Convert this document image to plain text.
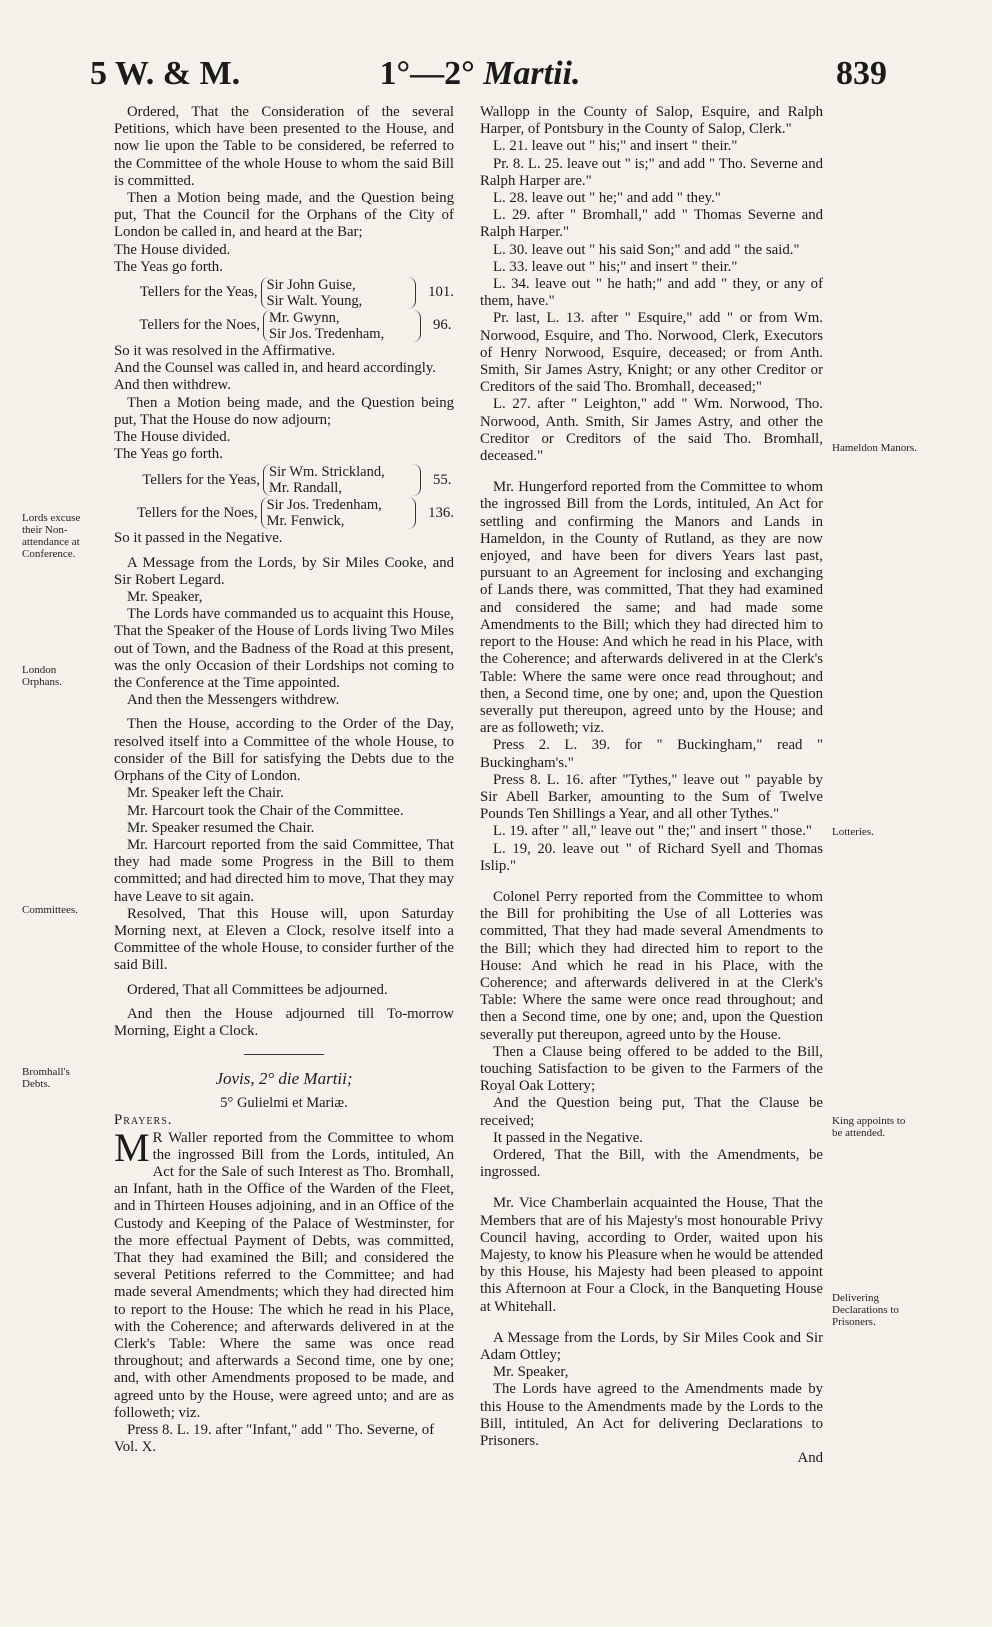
5 W. & M.	1°—2° Martii.	839
Lords excuse their Non-attendance at Conference.
London Orphans.
Committees.
Bromhall's Debts.
Hameldon Manors.
Lotteries.
King appoints to be attended.
Delivering Declarations to Prisoners.

Ordered, That the Consideration of the several Petitions, which have been presented to the House, and now lie upon the Table to be considered, be referred to the Committee of the whole House to whom the said Bill is committed.

Then a Motion being made, and the Question being put, That the Council for the Orphans of the City of London be called in, and heard at the Bar;

The House divided.

The Yeas go forth.

Tellers for the Yeas, Sir John Guise,
Sir Walt. Young,
101.
Tellers for the Noes, Mr. Gwynn,
Sir Jos. Tredenham,
96.

So it was resolved in the Affirmative.

And the Counsel was called in, and heard accordingly.

And then withdrew.

Then a Motion being made, and the Question being put, That the House do now adjourn;

The House divided.

The Yeas go forth.

Tellers for the Yeas, Sir Wm. Strickland,
Mr. Randall,
55.
Tellers for the Noes, Sir Jos. Tredenham,
Mr. Fenwick,
136.

So it passed in the Negative.

A Message from the Lords, by Sir Miles Cooke, and Sir Robert Legard.

Mr. Speaker,

The Lords have commanded us to acquaint this House, That the Speaker of the House of Lords living Two Miles out of Town, and the Badness of the Road at this present, was the only Occasion of their Lordships not coming to the Conference at the Time appointed.

And then the Messengers withdrew.

Then the House, according to the Order of the Day, resolved itself into a Committee of the whole House, to consider of the Bill for satisfying the Debts due to the Orphans of the City of London.

Mr. Speaker left the Chair.

Mr. Harcourt took the Chair of the Committee.

Mr. Speaker resumed the Chair.

Mr. Harcourt reported from the said Committee, That they had made some Progress in the Bill to them committed; and had directed him to move, That they may have Leave to sit again.

Resolved, That this House will, upon Saturday Morning next, at Eleven a Clock, resolve itself into a Committee of the whole House, to consider further of the said Bill.

Ordered, That all Committees be adjourned.

And then the House adjourned till To-morrow Morning, Eight a Clock.

Jovis, 2° die Martii;
5° Gulielmi et Mariæ.

Prayers.

M R Waller reported from the Committee to whom the ingrossed Bill from the Lords, intituled, An Act for the Sale of such Interest as Tho. Bromhall, an Infant, hath in the Office of the Warden of the Fleet, and in Thirteen Houses adjoining, and in an Office of the Custody and Keeping of the Palace of Westminster, for the more effectual Payment of Debts, was committed, That they had examined the Bill; and considered the several Petitions referred to the Committee; and had made several Amendments; which they had directed him to report to the House: The which he read in his Place, with the Coherence; and afterwards delivered in at the Clerk's Table: Where the same was once read throughout; and afterwards a Second time, one by one; and, with other Amendments proposed to be made, and agreed unto by the House, were agreed unto; and are as followeth; viz.

Press 8. L. 19. after "Infant," add " Tho. Severne, of

Vol. X.

Wallopp in the County of Salop, Esquire, and Ralph Harper, of Pontsbury in the County of Salop, Clerk."

L. 21. leave out " his;" and insert " their."

Pr. 8. L. 25. leave out " is;" and add " Tho. Severne and Ralph Harper are."

L. 28. leave out " he;" and add " they."

L. 29. after " Bromhall," add " Thomas Severne and Ralph Harper."

L. 30. leave out " his said Son;" and add " the said."

L. 33. leave out " his;" and insert " their."

L. 34. leave out " he hath;" and add " they, or any of them, have."

Pr. last, L. 13. after " Esquire," add " or from Wm. Norwood, Esquire, and Tho. Norwood, Clerk, Executors of Henry Norwood, Esquire, deceased; or from Anth. Smith, Sir James Astry, Knight; or any other Creditor or Creditors of the said Tho. Bromhall, deceased;"

L. 27. after " Leighton," add " Wm. Norwood, Tho. Norwood, Anth. Smith, Sir James Astry, and other the Creditor or Creditors of the said Tho. Bromhall, deceased."

Mr. Hungerford reported from the Committee to whom the ingrossed Bill from the Lords, intituled, An Act for settling and confirming the Manors and Lands in Hameldon, in the County of Rutland, as they are now enjoyed, and have been for divers Years last past, pursuant to an Agreement for inclosing and exchanging of Lands there, was committed, That they had examined and considered the same; and had made some Amendments to the Bill; which they had directed him to report to the House: And which he read in his Place, with the Coherence; and afterwards delivered in at the Clerk's Table: Where the same were once read throughout; and then, a Second time, one by one; and, upon the Question severally put thereupon, agreed unto by the House; and are as followeth; viz.

Press 2. L. 39. for " Buckingham," read " Buckingham's."

Press 8. L. 16. after "Tythes," leave out " payable by Sir Abell Barker, amounting to the Sum of Twelve Pounds Ten Shillings a Year, and all other Tythes."

L. 19. after " all," leave out " the;" and insert " those."

L. 19, 20. leave out " of Richard Syell and Thomas Islip."

Colonel Perry reported from the Committee to whom the Bill for prohibiting the Use of all Lotteries was committed, That they had made several Amendments to the Bill; which they had directed him to report to the House: And which he read in his Place, with the Coherence; and afterwards delivered in at the Clerk's Table: Where the same were once read throughout; and then a Second time, one by one; and, upon the Question severally put thereupon, agreed unto by the House.

Then a Clause being offered to be added to the Bill, touching Satisfaction to be given to the Farmers of the Royal Oak Lottery;

And the Question being put, That the Clause be received;

It passed in the Negative.

Ordered, That the Bill, with the Amendments, be ingrossed.

Mr. Vice Chamberlain acquainted the House, That the Members that are of his Majesty's most honourable Privy Council having, according to Order, waited upon his Majesty, to know his Pleasure when he would be attended by this House, his Majesty had been pleased to appoint this Afternoon at Four a Clock, in the Banqueting House at Whitehall.

A Message from the Lords, by Sir Miles Cook and Sir Adam Ottley;

Mr. Speaker,

The Lords have agreed to the Amendments made by this House to the Amendments made by the Lords to the Bill, intituled, An Act for delivering Declarations to Prisoners.

And
